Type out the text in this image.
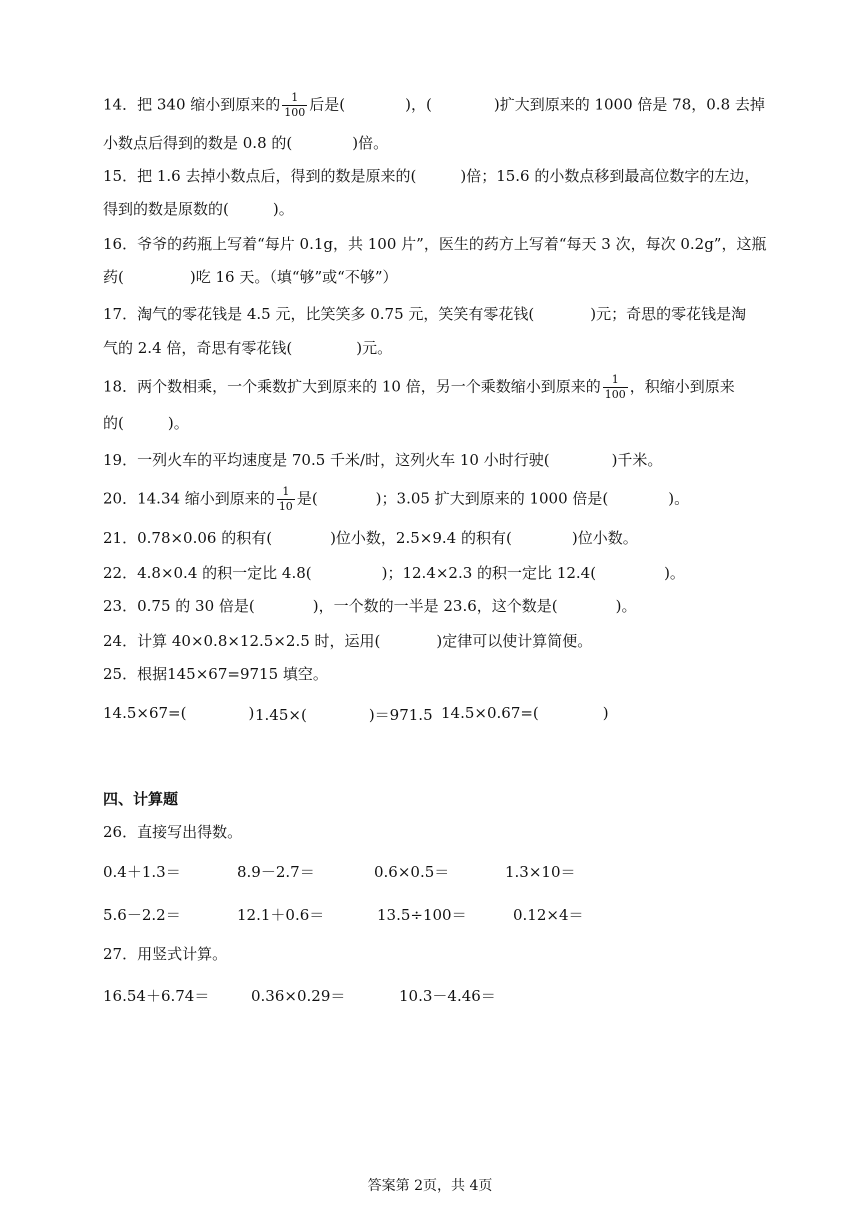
14．把 340 缩小到原来的 $\frac{1}{100}$ 后是(	)，(	)扩大到原来的 1000 倍是 78，0.8 去掉
小数点后得到的数是 0.8 的(	)倍。
15．把 1.6 去掉小数点后，得到的数是原来的(	)倍；15.6 的小数点移到最高位数字的左边，
得到的数是原数的(	)。
16．爷爷的药瓶上写着“每片 0.1g，共 100 片”，医生的药方上写着“每天 3 次，每次 0.2g”，这瓶
药(	)吃 16 天。（填“够”或“不够”）
17．淘气的零花钱是 4.5 元，比笑笑多 0.75 元，笑笑有零花钱(	)元；奇思的零花钱是淘
气的 2.4 倍，奇思有零花钱(	)元。
18．两个数相乘，一个乘数扩大到原来的 10 倍，另一个乘数缩小到原来的 $\frac{1}{100}$ ，积缩小到原来
的(	)。
19．一列火车的平均速度是 70.5 千米/时，这列火车 10 小时行驶(	)千米。
20．14.34 缩小到原来的 $\frac{1}{10}$ 是(	)；3.05 扩大到原来的 1000 倍是(	)。
21．0.78×0.06 的积有(	)位小数，2.5×9.4 的积有(	)位小数。
22．4.8×0.4 的积一定比 4.8(	)；12.4×2.3 的积一定比 12.4(	)。
23．0.75 的 30 倍是(	)，一个数的一半是 23.6，这个数是(	)。
24．计算 40×0.8×12.5×2.5 时，运用(	)定律可以使计算简便。
25．根据145×67=9715 填空。
14.5×67=(	) 1.45×(	)＝971.5 14.5×0.67=(	)
四、计算题
26．直接写出得数。
0.4＋1.3＝	8.9－2.7＝	0.6×0.5＝	1.3×10＝
5.6－2.2＝	12.1＋0.6＝	13.5÷100＝	0.12×4＝
27．用竖式计算。
16.54＋6.74＝	0.36×0.29＝	10.3－4.46＝
答案第 2页，共 4页
